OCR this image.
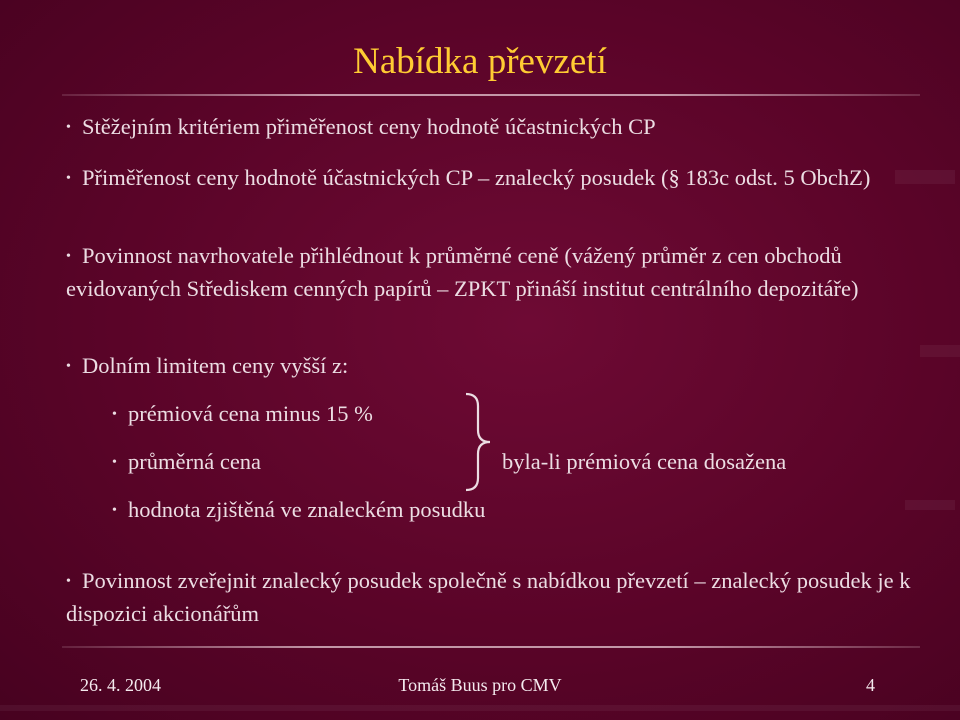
Nabídka převzetí

• Stěžejním kritériem přiměřenost ceny hodnotě účastnických CP

• Přiměřenost ceny hodnotě účastnických CP – znalecký posudek (§ 183c odst. 5 ObchZ)

• Povinnost navrhovatele přihlédnout k průměrné ceně (vážený průměr z cen obchodů evidovaných Střediskem cenných papírů – ZPKT přináší institut centrálního depozitáře)

• Dolním limitem ceny vyšší z:

• prémiová cena minus 15 %

• průměrná cena

• hodnota zjištěná ve znaleckém posudku

byla-li prémiová cena dosažena

• Povinnost zveřejnit znalecký posudek společně s nabídkou převzetí – znalecký posudek je k dispozici akcionářům

26. 4. 2004	Tomáš Buus pro CMV	4
